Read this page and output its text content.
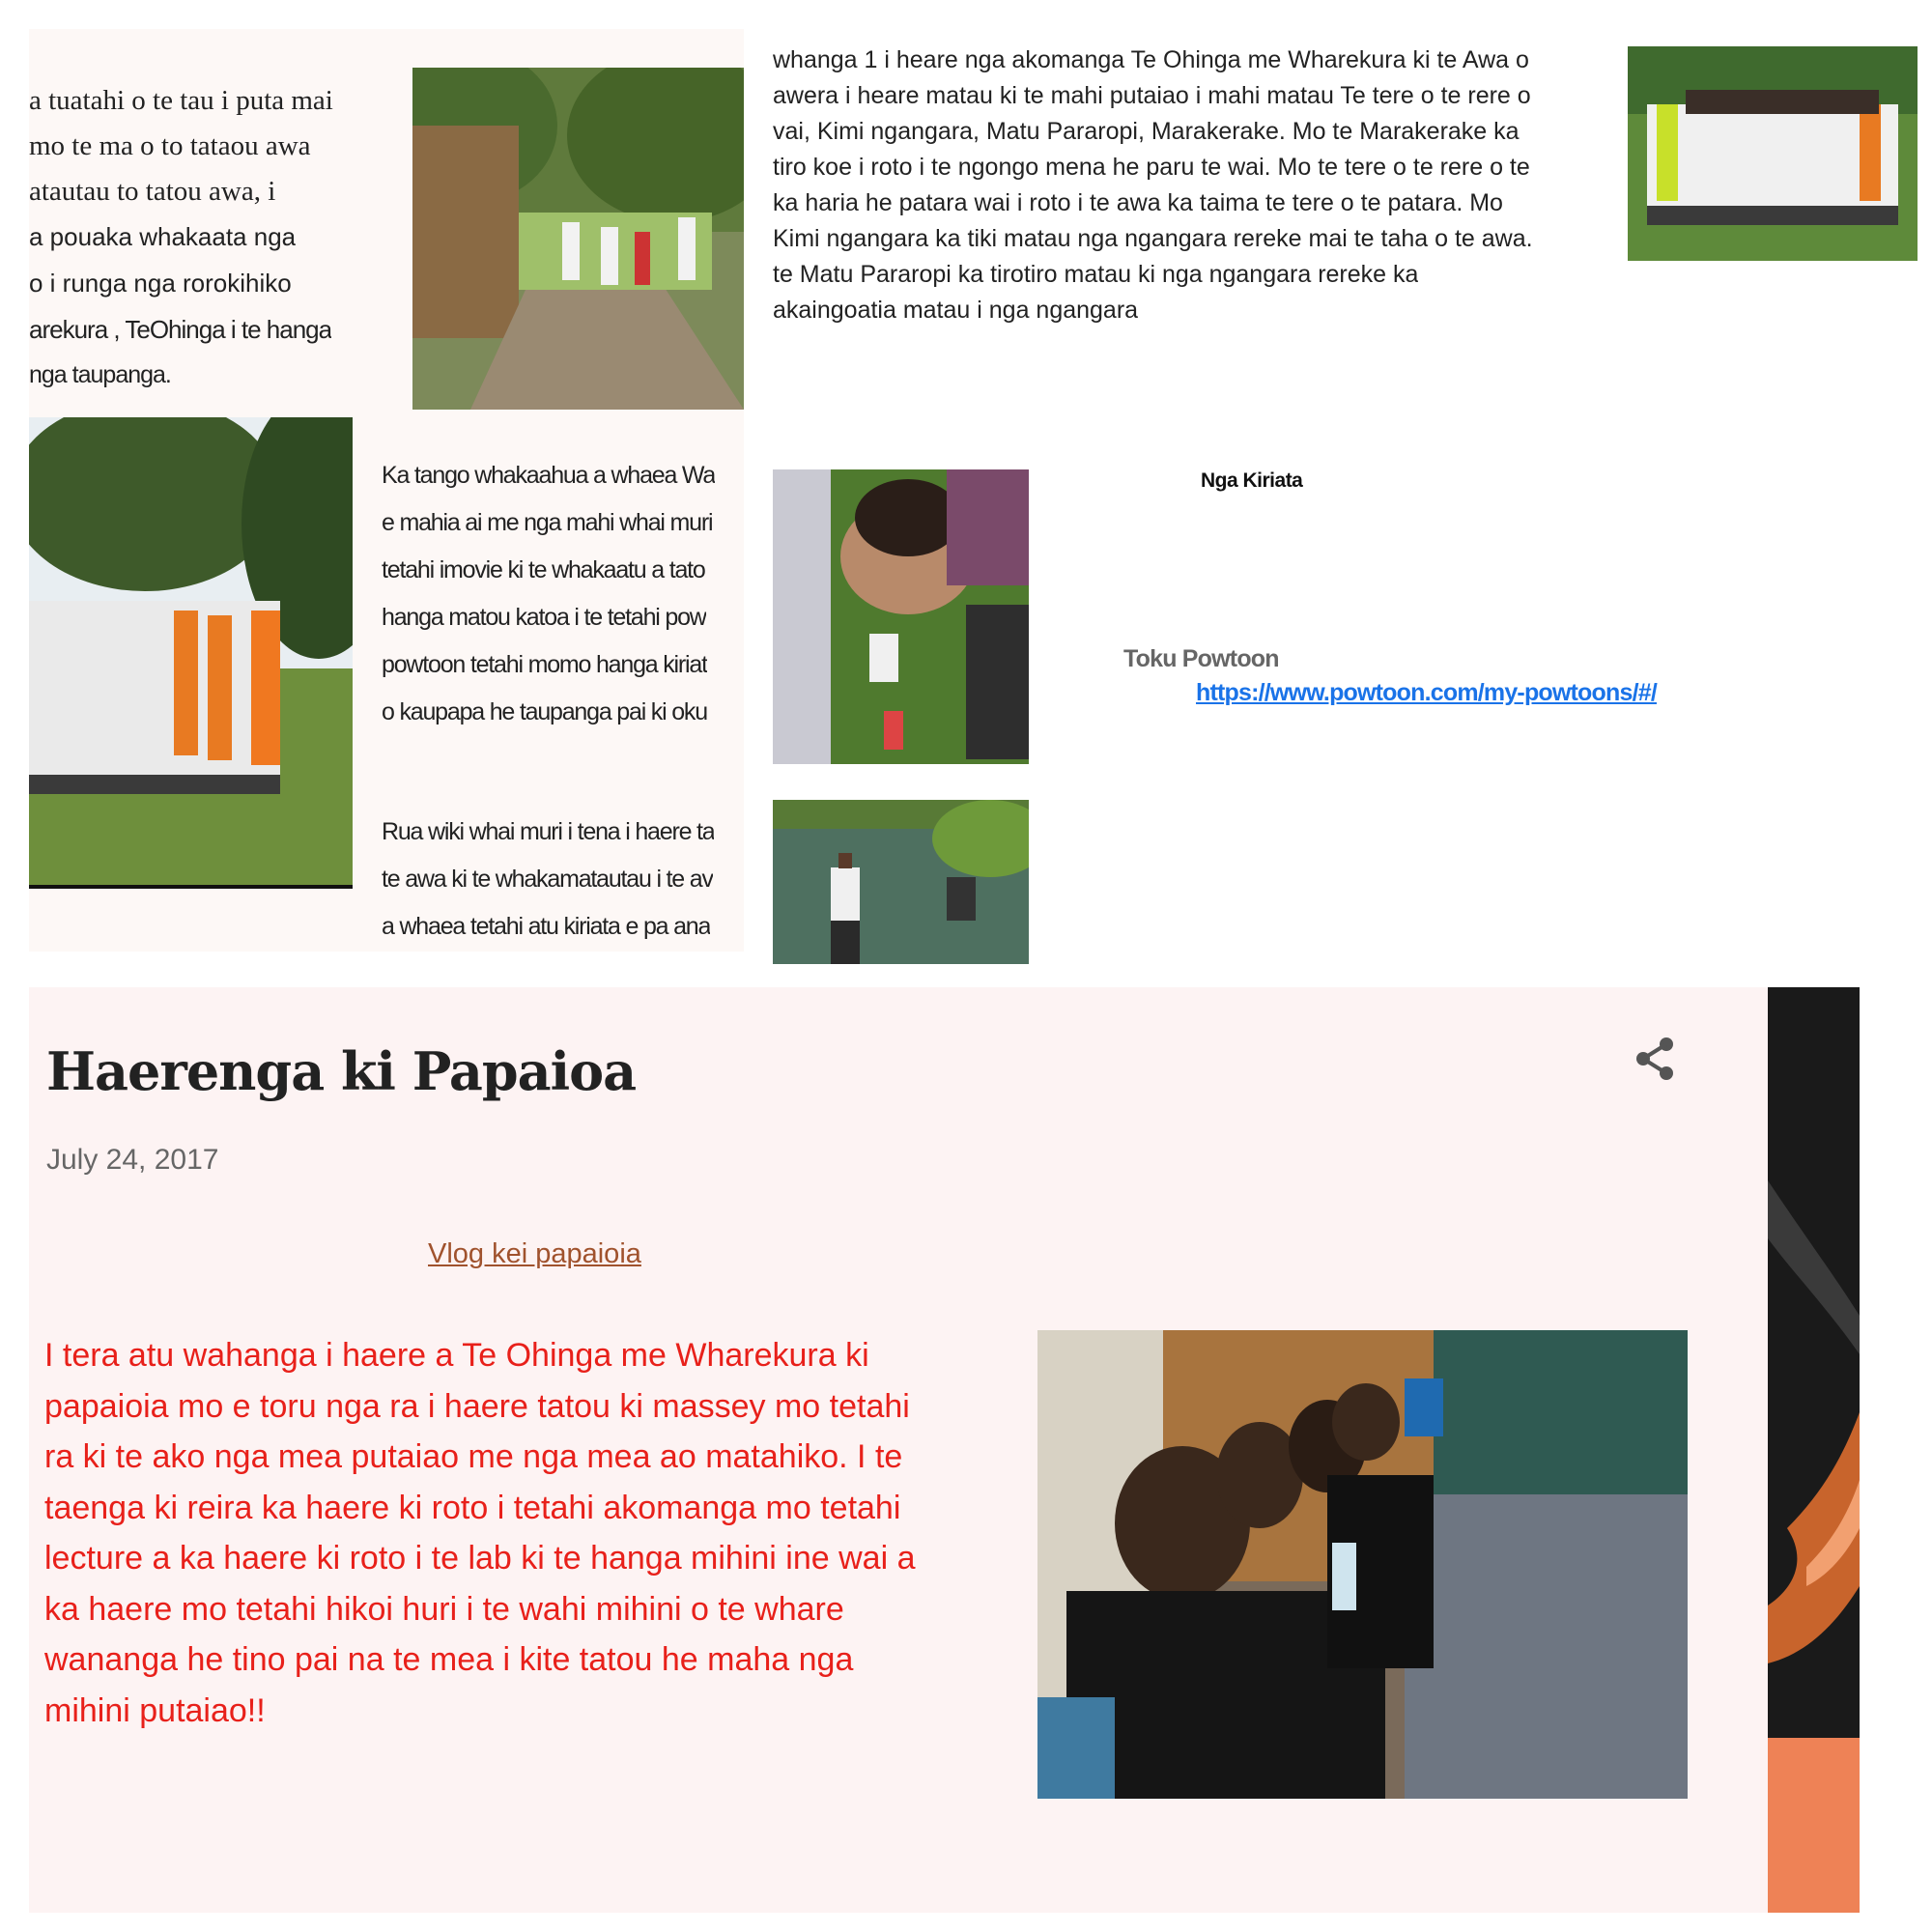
a tuatahi o te tau i puta mai
mo te ma o to tataou awa
atautau to tatou awa, i
a pouaka whakaata nga
o i runga nga rorokihiko
arekura , TeOhinga i te hanga
nga taupanga.
Ka tango whakaahua a whaea Wa
e mahia ai me nga mahi whai muri
tetahi imovie ki te whakaatu a tato
hanga matou katoa i te tetahi pow
powtoon tetahi momo hanga kiriat
o kaupapa he taupanga pai ki oku
Rua wiki whai muri i tena i haere ta
te awa ki te whakamatautau i te av
a whaea tetahi atu kiriata e pa ana
whanga 1 i heare nga akomanga Te Ohinga me Wharekura ki te Awa o
awera i heare matau ki te mahi putaiao i mahi matau Te tere o te rere o
vai, Kimi ngangara, Matu Pararopi, Marakerake. Mo te Marakerake ka
tiro koe i roto i te ngongo mena he paru te wai. Mo te tere o te rere o te
ka haria he patara wai i roto i te awa ka taima te tere o te patara. Mo
Kimi ngangara ka tiki matau nga ngangara rereke mai te taha o te awa.
te Matu Pararopi ka tirotiro matau ki nga ngangara rereke ka
akaingoatia matau i nga ngangara
Nga Kiriata
Toku Powtoon
https://www.powtoon.com/my-powtoons/#/
Haerenga ki Papaioa
July 24, 2017
Vlog kei papaioia
I tera atu wahanga i haere a Te Ohinga me Wharekura ki
papaioia mo e toru nga ra i haere tatou ki massey mo tetahi
ra ki te ako nga mea putaiao me nga mea ao matahiko. I te
taenga ki reira ka haere ki roto i tetahi akomanga mo tetahi
lecture a ka haere ki roto i te lab ki te hanga mihini ine wai a
ka haere mo tetahi hikoi huri i te wahi mihini o te whare
wananga he tino pai na te mea i kite tatou he maha nga
mihini putaiao!!
